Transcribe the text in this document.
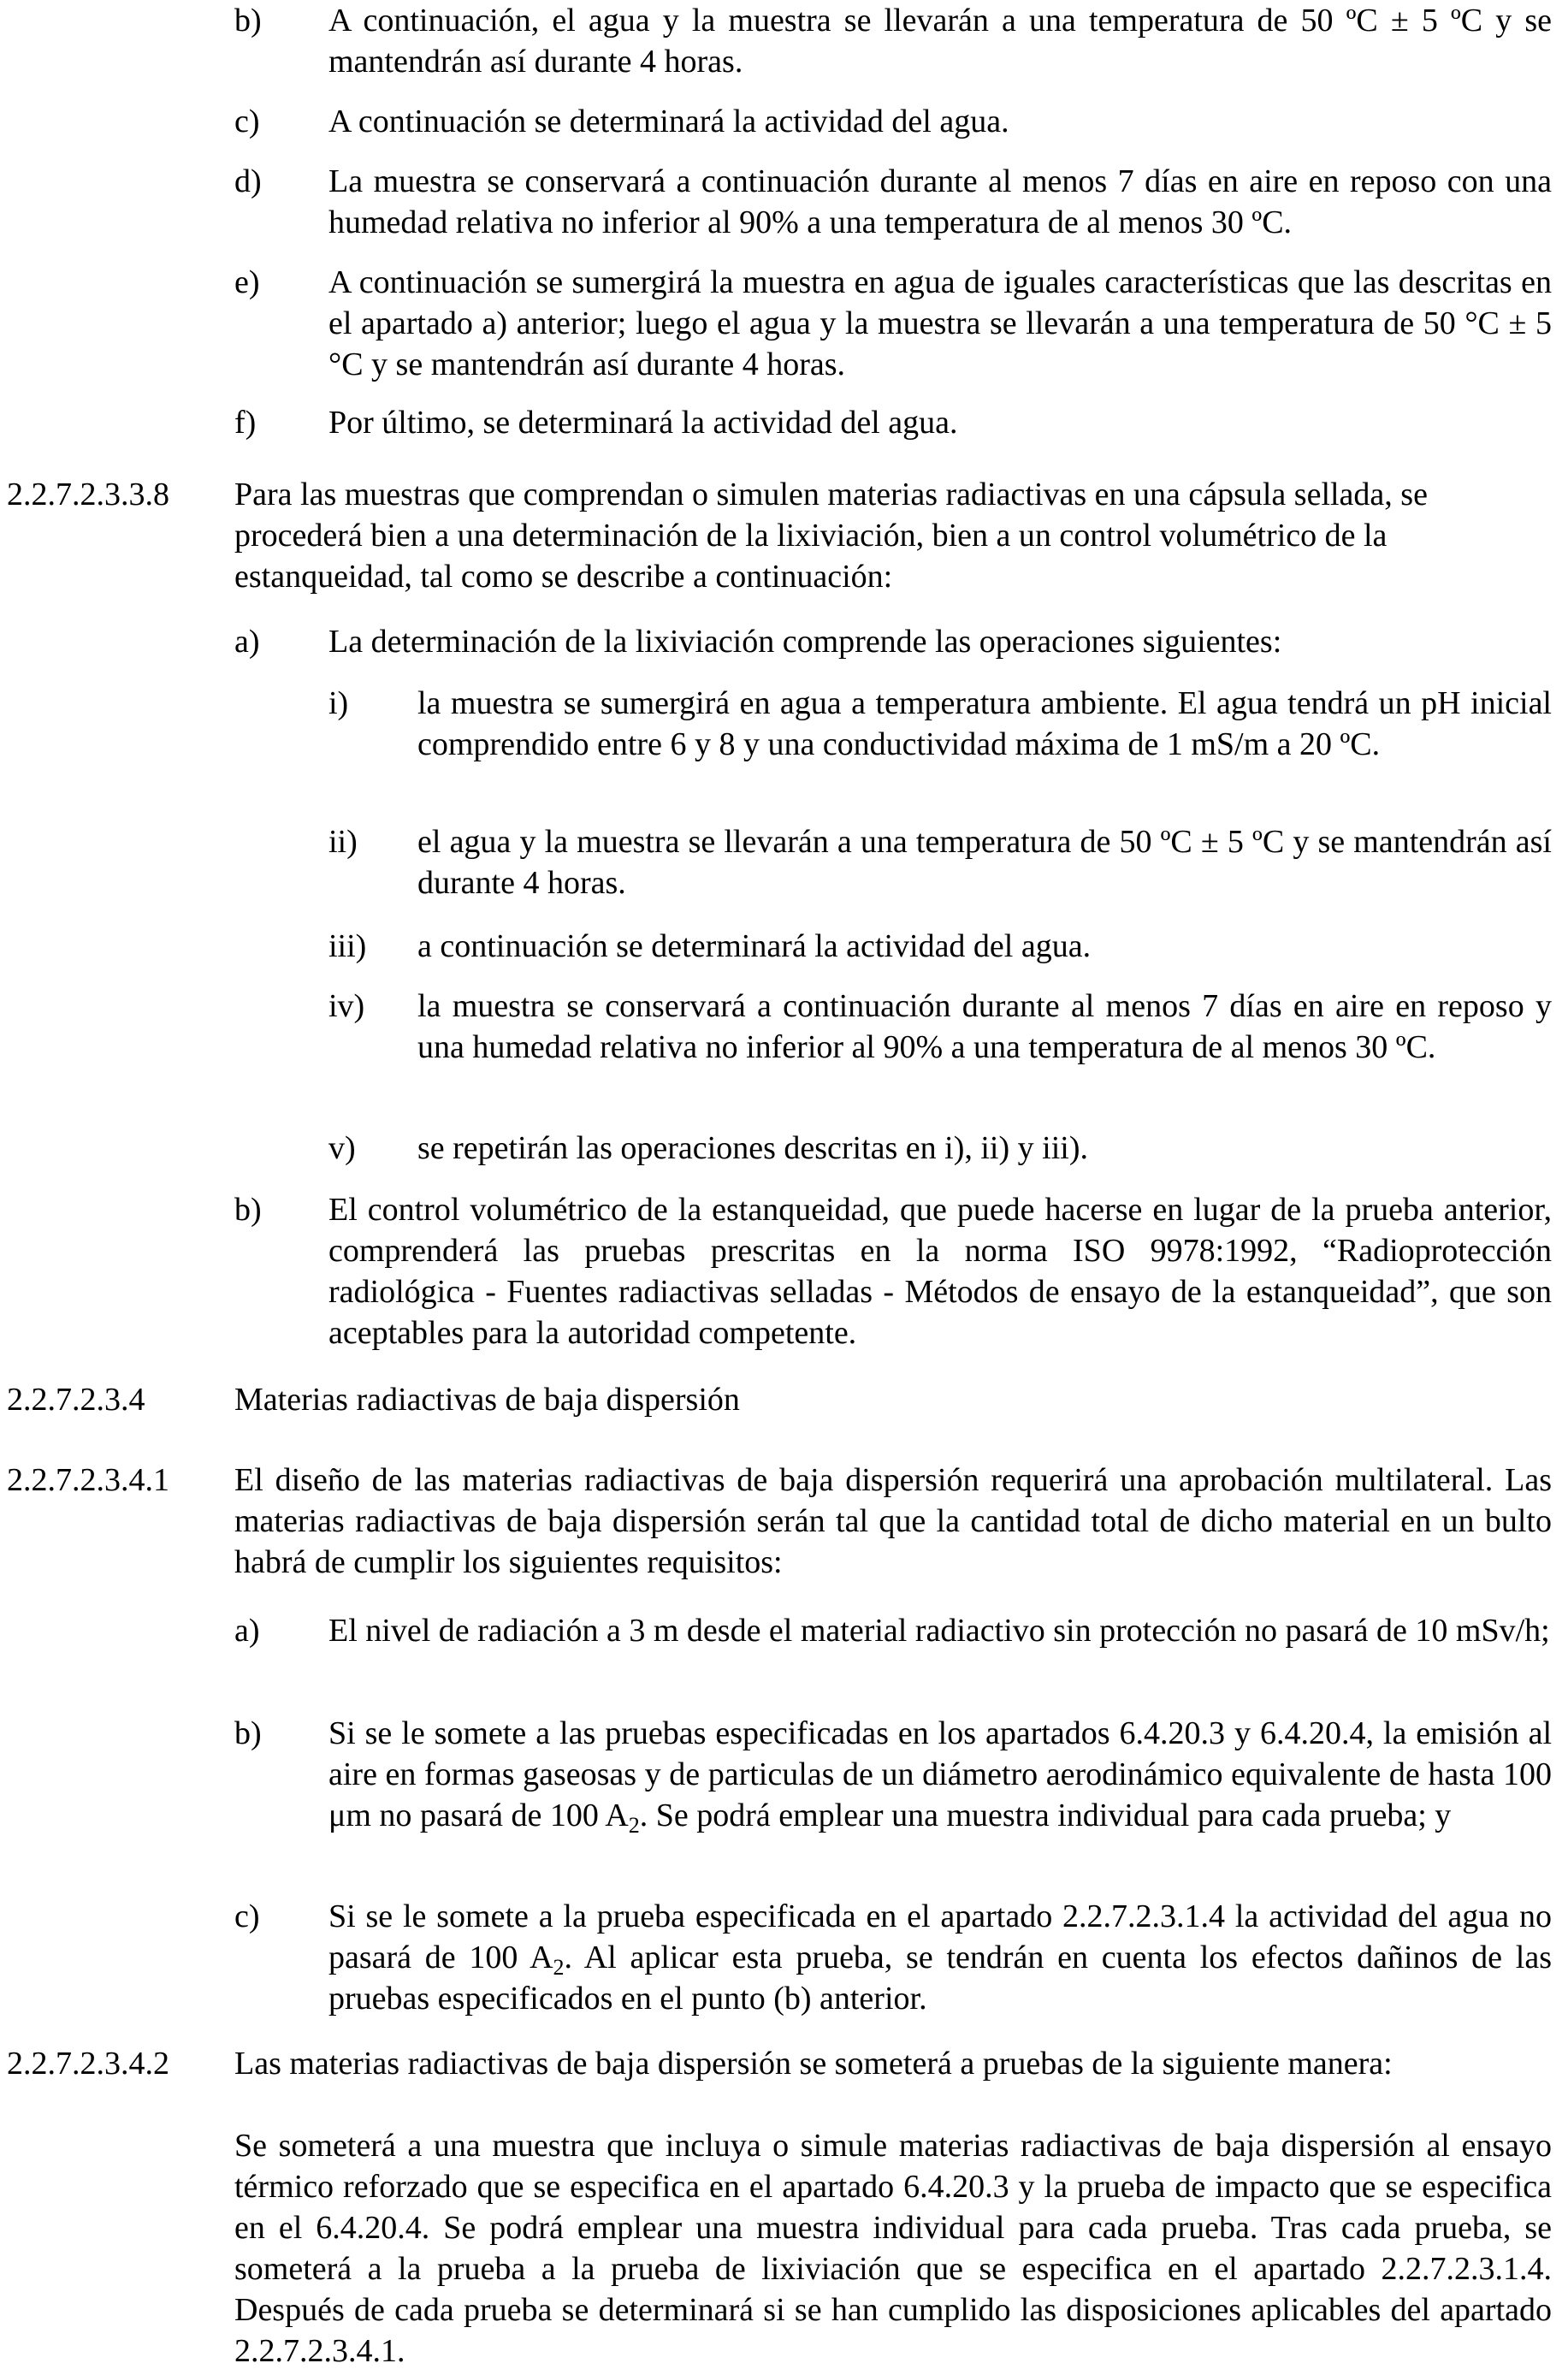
b) A continuación, el agua y la muestra se llevarán a una temperatura de 50 ºC ± 5 ºC y se mantendrán así durante 4 horas.
c) A continuación se determinará la actividad del agua.
d) La muestra se conservará a continuación durante al menos 7 días en aire en reposo con una humedad relativa no inferior al 90% a una temperatura de al menos 30 ºC.
e) A continuación se sumergirá la muestra en agua de iguales características que las descritas en el apartado a) anterior; luego el agua y la muestra se llevarán a una temperatura de 50 °C ± 5 °C y se mantendrán así durante 4 horas.
f) Por último, se determinará la actividad del agua.
2.2.7.2.3.3.8 Para las muestras que comprendan o simulen materias radiactivas en una cápsula sellada, se procederá bien a una determinación de la lixiviación, bien a un control volumétrico de la estanqueidad, tal como se describe a continuación:
a) La determinación de la lixiviación comprende las operaciones siguientes:
i) la muestra se sumergirá en agua a temperatura ambiente. El agua tendrá un pH inicial comprendido entre 6 y 8 y una conductividad máxima de 1 mS/m a 20 ºC.
ii) el agua y la muestra se llevarán a una temperatura de 50 ºC ± 5 ºC y se mantendrán así durante 4 horas.
iii) a continuación se determinará la actividad del agua.
iv) la muestra se conservará a continuación durante al menos 7 días en aire en reposo y una humedad relativa no inferior al 90% a una temperatura de al menos 30 ºC.
v) se repetirán las operaciones descritas en i), ii) y iii).
b) El control volumétrico de la estanqueidad, que puede hacerse en lugar de la prueba anterior, comprenderá las pruebas prescritas en la norma ISO 9978:1992, “Radioprotección radiológica - Fuentes radiactivas selladas - Métodos de ensayo de la estanqueidad”, que son aceptables para la autoridad competente.
2.2.7.2.3.4	Materias radiactivas de baja dispersión
2.2.7.2.3.4.1 El diseño de las materias radiactivas de baja dispersión requerirá una aprobación multilateral. Las materias radiactivas de baja dispersión serán tal que la cantidad total de dicho material en un bulto habrá de cumplir los siguientes requisitos:
a) El nivel de radiación a 3 m desde el material radiactivo sin protección no pasará de 10 mSv/h;
b) Si se le somete a las pruebas especificadas en los apartados 6.4.20.3 y 6.4.20.4, la emisión al aire en formas gaseosas y de particulas de un diámetro aerodinámico equivalente de hasta 100 μm no pasará de 100 $A_2$. Se podrá emplear una muestra individual para cada prueba; y
c) Si se le somete a la prueba especificada en el apartado 2.2.7.2.3.1.4 la actividad del agua no pasará de 100 $A_2$. Al aplicar esta prueba, se tendrán en cuenta los efectos dañinos de las pruebas especificados en el punto (b) anterior.
2.2.7.2.3.4.2 Las materias radiactivas de baja dispersión se someterá a pruebas de la siguiente manera:
Se someterá a una muestra que incluya o simule materias radiactivas de baja dispersión al ensayo térmico reforzado que se especifica en el apartado 6.4.20.3 y la prueba de impacto que se especifica en el 6.4.20.4. Se podrá emplear una muestra individual para cada prueba. Tras cada prueba, se someterá a la prueba a la prueba de lixiviación que se especifica en el apartado 2.2.7.2.3.1.4. Después de cada prueba se determinará si se han cumplido las disposiciones aplicables del apartado 2.2.7.2.3.4.1.
